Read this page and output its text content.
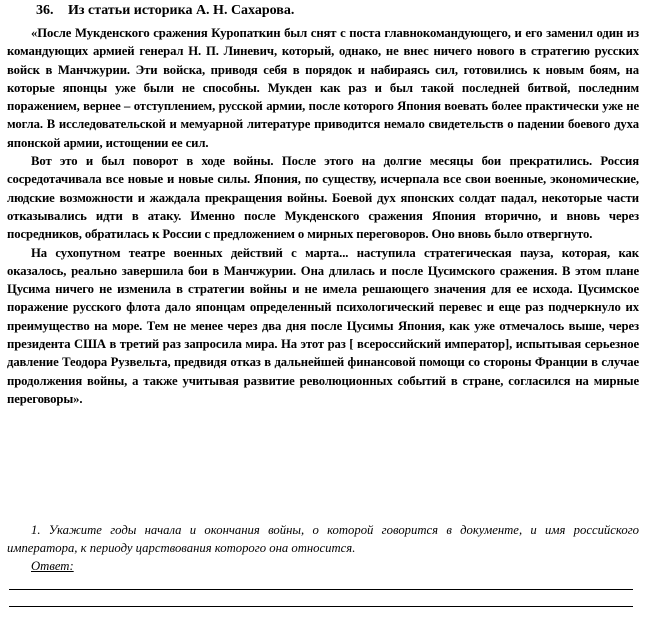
36. Из статьи историка А. Н. Сахарова.

«После Мукденского сражения Куропаткин был снят с поста главнокомандующего, и его заменил один из командующих армией генерал Н. П. Линевич, который, однако, не внес ничего нового в стратегию русских войск в Манчжурии. Эти войска, приводя себя в порядок и набираясь сил, готовились к новым боям, на которые японцы уже были не способны. Мукден как раз и был такой последней битвой, последним поражением, вернее – отступлением, русской армии, после которого Япония воевать более практически уже не могла. В исследовательской и мемуарной литературе приводится немало свидетельств о падении боевого духа японской армии, истощении ее сил.

Вот это и был поворот в ходе войны. После этого на долгие месяцы бои прекратились. Россия сосредотачивала все новые и новые силы. Япония, по существу, исчерпала все свои военные, экономические, людские возможности и жаждала прекращения войны. Боевой дух японских солдат падал, некоторые части отказывались идти в атаку. Именно после Мукденского сражения Япония вторично, и вновь через посредников, обратилась к России с предложением о мирных переговоров. Оно вновь было отвергнуто.

На сухопутном театре военных действий с марта... наступила стратегическая пауза, которая, как оказалось, реально завершила бои в Манчжурии. Она длилась и после Цусимского сражения. В этом плане Цусима ничего не изменила в стратегии войны и не имела решающего значения для ее исхода. Цусимское поражение русского флота дало японцам определенный психологический перевес и еще раз подчеркнуло их преимущество на море. Тем не менее через два дня после Цусимы Япония, как уже отмечалось выше, через президента США в третий раз запросила мира. На этот раз [ всероссийский император], испытывая серьезное давление Теодора Рузвельта, предвидя отказ в дальнейшей финансовой помощи со стороны Франции в случае продолжения войны, а также учитывая развитие революционных событий в стране, согласился на мирные переговоры».

1. Укажите годы начала и окончания войны, о которой говорится в документе, и имя российского императора, к периоду царствования которого она относится.

Ответ:
